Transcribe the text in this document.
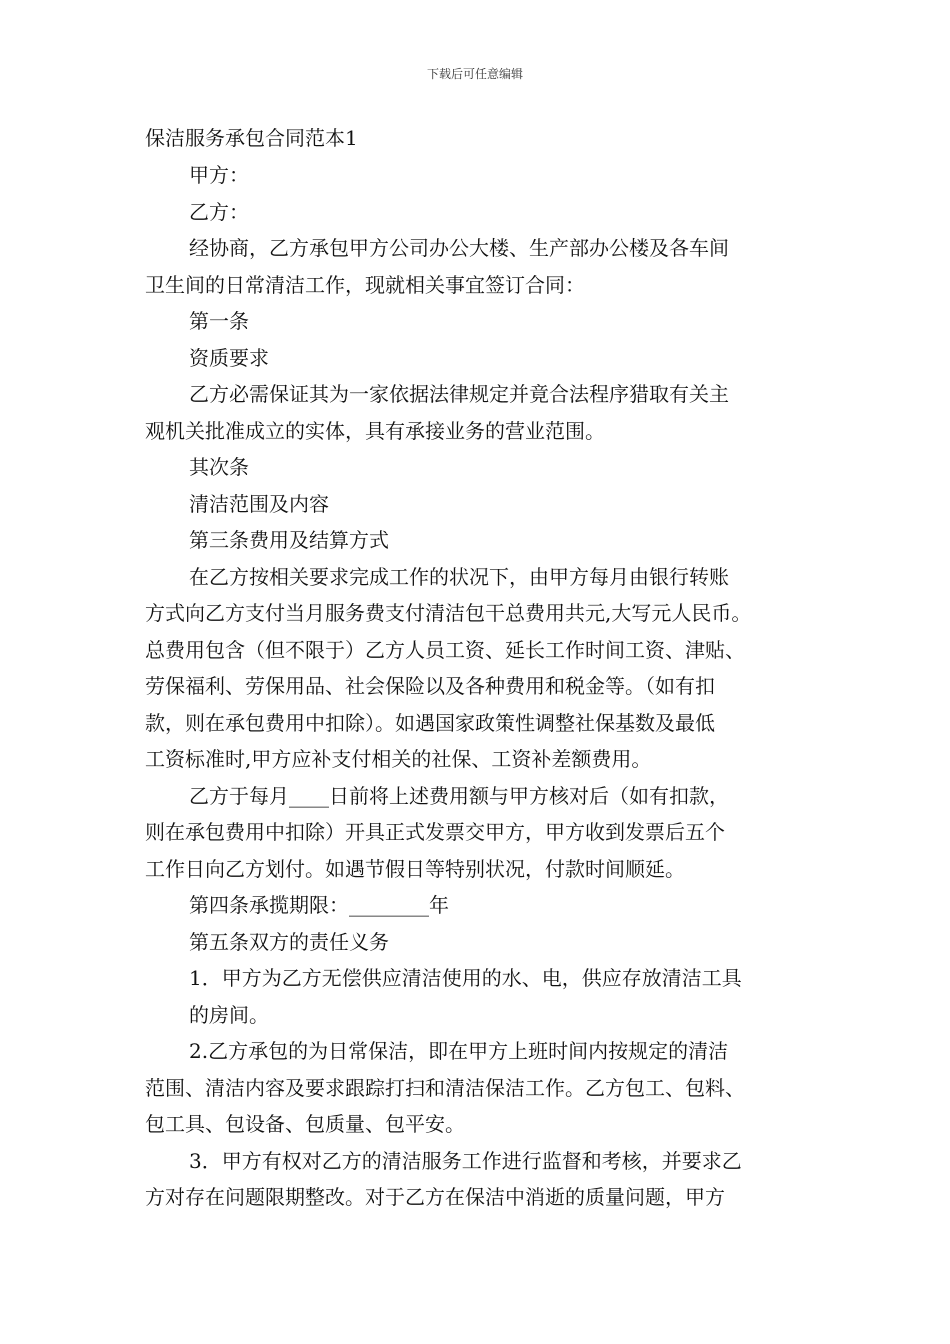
下载后可任意编辑
保洁服务承包合同范本1

甲方：

乙方：

经协商，乙方承包甲方公司办公大楼、生产部办公楼及各车间

卫生间的日常清洁工作，现就相关事宜签订合同：

第一条

资质要求

乙方必需保证其为一家依据法律规定并竟合法程序猎取有关主

观机关批准成立的实体，具有承接业务的营业范围。

其次条

清洁范围及内容

第三条费用及结算方式

在乙方按相关要求完成工作的状况下，由甲方每月由银行转账

方式向乙方支付当月服务费支付清洁包干总费用共元,大写元人民币。

总费用包含（但不限于）乙方人员工资、延长工作时间工资、津贴、

劳保福利、劳保用品、社会保险以及各种费用和税金等。（如有扣

款，则在承包费用中扣除）。如遇国家政策性调整社保基数及最低

工资标准时,甲方应补支付相关的社保、工资补差额费用。

乙方于每月____日前将上述费用额与甲方核对后（如有扣款，

则在承包费用中扣除）开具正式发票交甲方，甲方收到发票后五个

工作日向乙方划付。如遇节假日等特别状况，付款时间顺延。

第四条承揽期限：________年

第五条双方的责任义务

1．甲方为乙方无偿供应清洁使用的水、电，供应存放清洁工具

的房间。

2.乙方承包的为日常保洁，即在甲方上班时间内按规定的清洁

范围、清洁内容及要求跟踪打扫和清洁保洁工作。乙方包工、包料、

包工具、包设备、包质量、包平安。

3．甲方有权对乙方的清洁服务工作进行监督和考核，并要求乙

方对存在问题限期整改。对于乙方在保洁中消逝的质量问题，甲方
